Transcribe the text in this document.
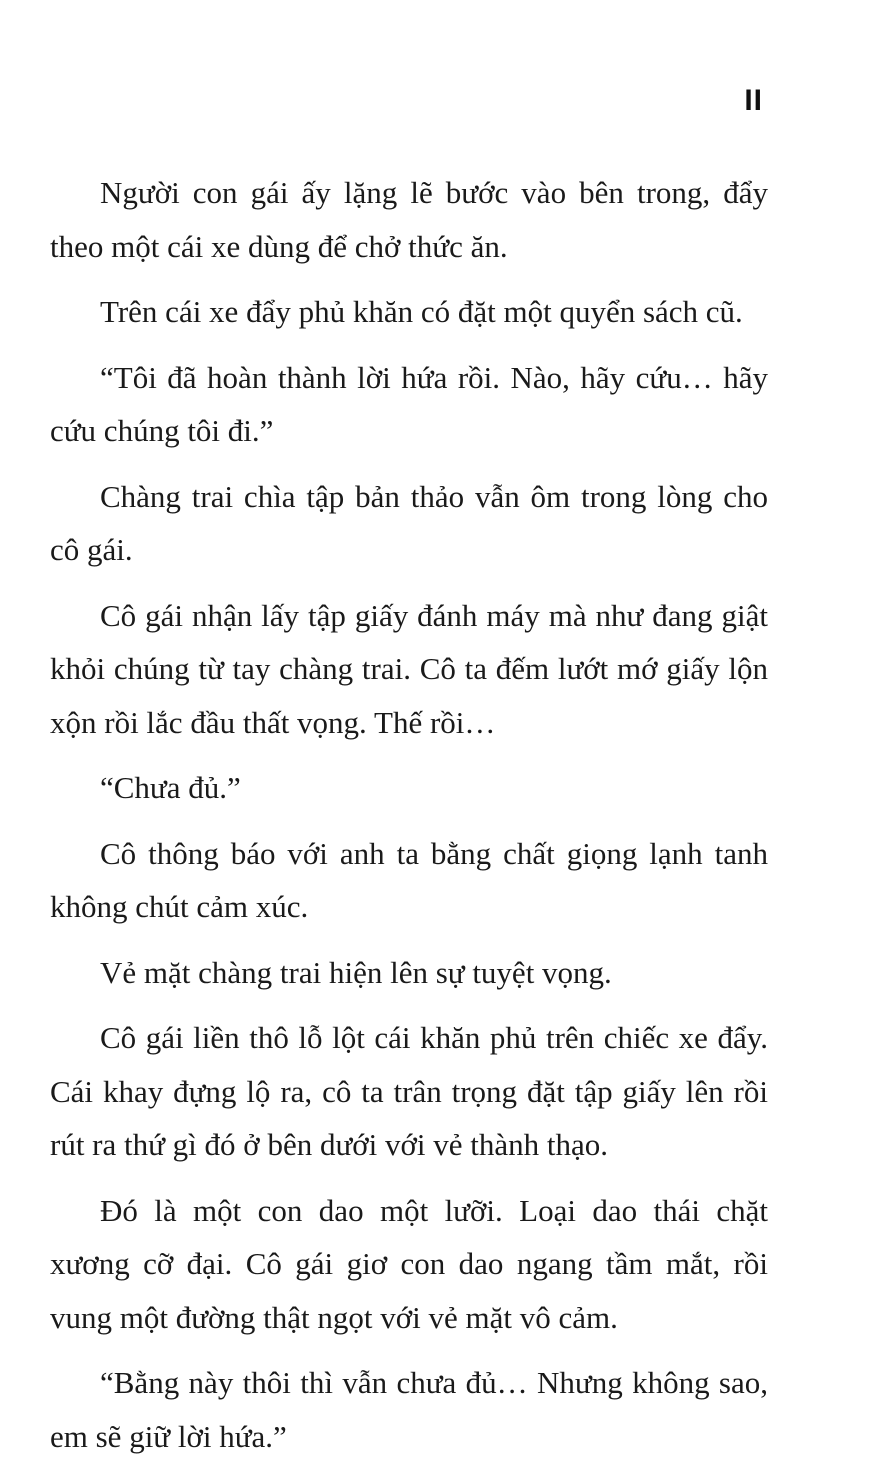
II

Người con gái ấy lặng lẽ bước vào bên trong, đẩy theo một cái xe dùng để chở thức ăn.

Trên cái xe đẩy phủ khăn có đặt một quyển sách cũ.

“Tôi đã hoàn thành lời hứa rồi. Nào, hãy cứu… hãy cứu chúng tôi đi.”

Chàng trai chìa tập bản thảo vẫn ôm trong lòng cho cô gái.

Cô gái nhận lấy tập giấy đánh máy mà như đang giật khỏi chúng từ tay chàng trai. Cô ta đếm lướt mớ giấy lộn xộn rồi lắc đầu thất vọng. Thế rồi…

“Chưa đủ.”

Cô thông báo với anh ta bằng chất giọng lạnh tanh không chút cảm xúc.

Vẻ mặt chàng trai hiện lên sự tuyệt vọng.

Cô gái liền thô lỗ lột cái khăn phủ trên chiếc xe đẩy. Cái khay đựng lộ ra, cô ta trân trọng đặt tập giấy lên rồi rút ra thứ gì đó ở bên dưới với vẻ thành thạo.

Đó là một con dao một lưỡi. Loại dao thái chặt xương cỡ đại. Cô gái giơ con dao ngang tầm mắt, rồi vung một đường thật ngọt với vẻ mặt vô cảm.

“Bằng này thôi thì vẫn chưa đủ… Nhưng không sao, em sẽ giữ lời hứa.”
